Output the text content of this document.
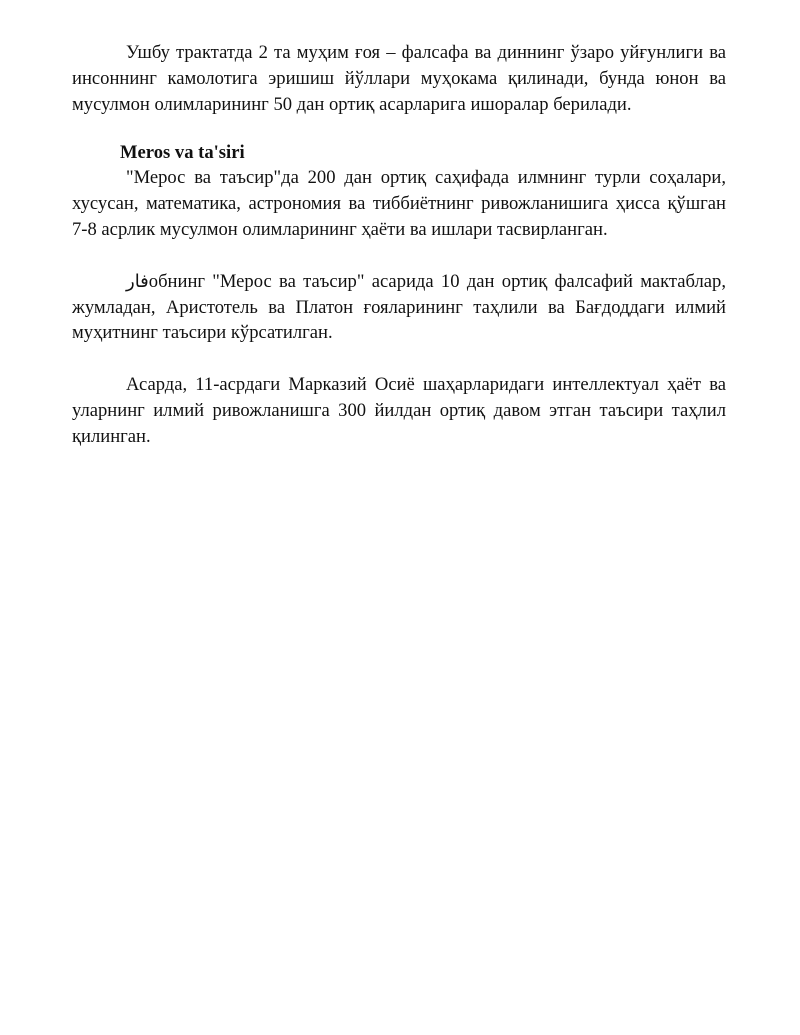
Ушбу трактатда 2 та муҳим ғоя – фалсафа ва диннинг ўзаро уйғунлиги ва инсоннинг камолотига эришиш йўллари муҳокама қилинади, бунда юнон ва мусулмон олимларининг 50 дан ортиқ асарларига ишоралар берилади.

Meros va ta'siri

"Мерос ва таъсир"да 200 дан ортиқ саҳифада илмнинг турли соҳалари, хусусан, математика, астрономия ва тиббиётнинг ривожланишига ҳисса қўшган 7-8 асрлик мусулмон олимларининг ҳаёти ва ишлари тасвирланган.

فارобнинг "Мерос ва таъсир" асарида 10 дан ортиқ фалсафий мактаблар, жумладан, Аристотель ва Платон ғояларининг таҳлили ва Бағдоддаги илмий муҳитнинг таъсири кўрсатилган.

Асарда, 11-асрдаги Марказий Осиё шаҳарларидаги интеллектуал ҳаёт ва уларнинг илмий ривожланишга 300 йилдан ортиқ давом этган таъсири таҳлил қилинган.
